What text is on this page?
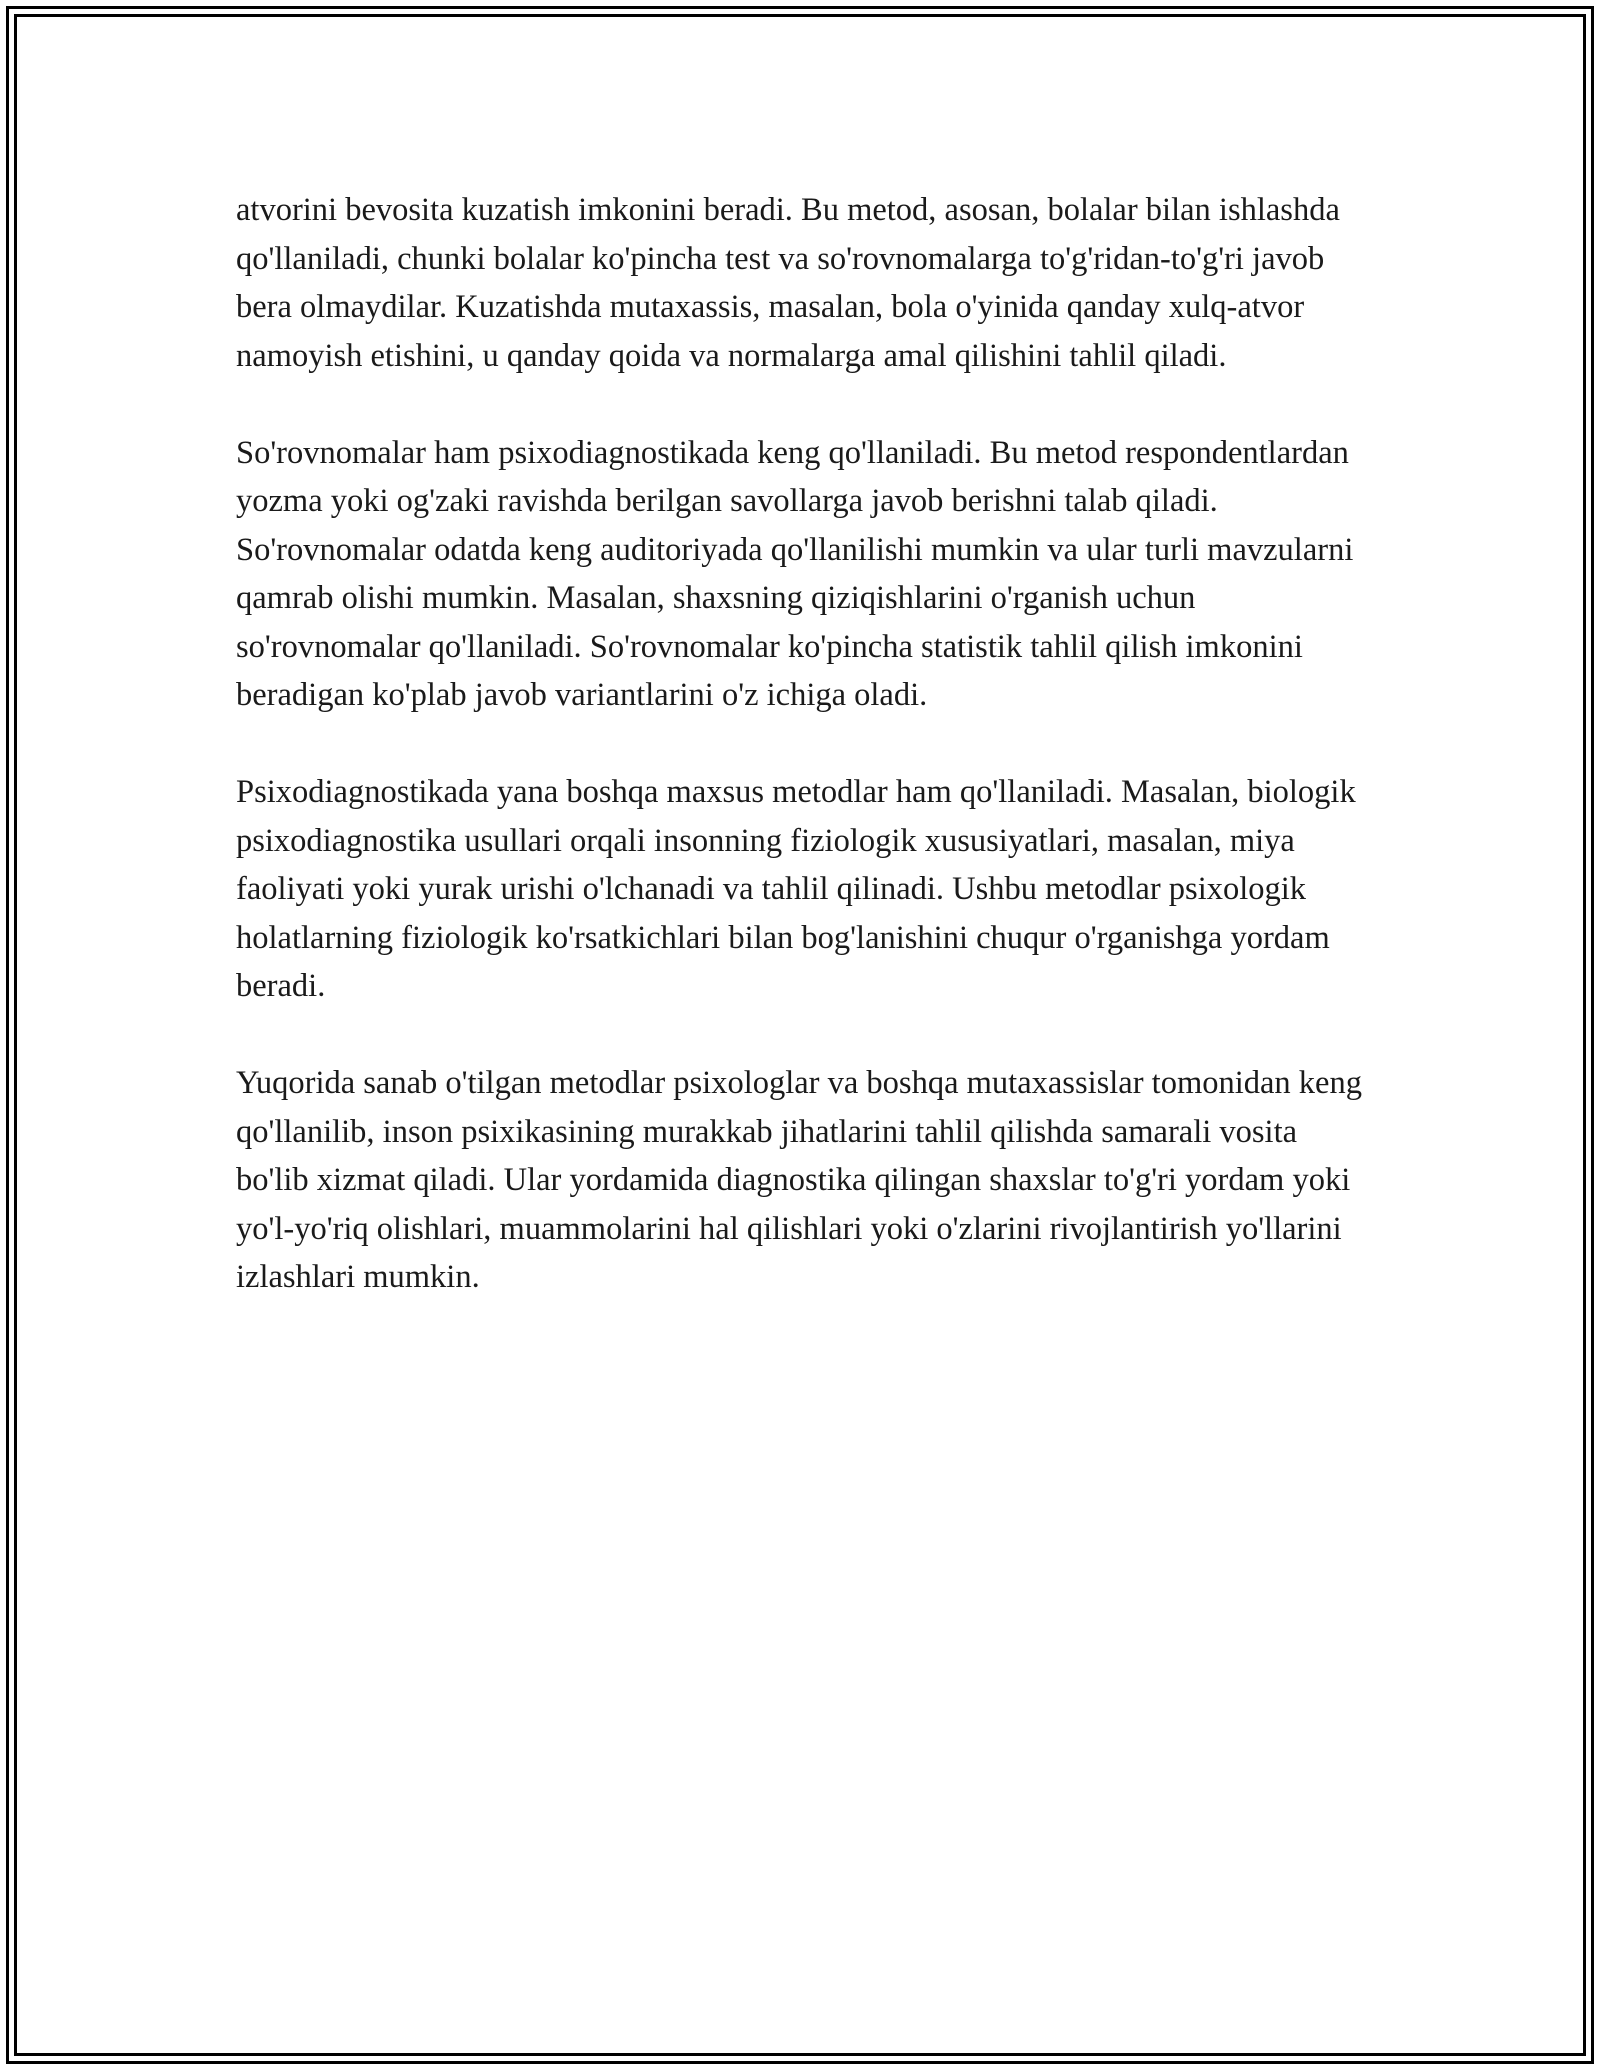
atvorini bevosita kuzatish imkonini beradi. Bu metod, asosan, bolalar bilan ishlashda qo'llaniladi, chunki bolalar ko'pincha test va so'rovnomalarga to'g'ridan-to'g'ri javob bera olmaydilar. Kuzatishda mutaxassis, masalan, bola o'yinida qanday xulq-atvor namoyish etishini, u qanday qoida va normalarga amal qilishini tahlil qiladi.

So'rovnomalar ham psixodiagnostikada keng qo'llaniladi. Bu metod respondentlardan yozma yoki og'zaki ravishda berilgan savollarga javob berishni talab qiladi. So'rovnomalar odatda keng auditoriyada qo'llanilishi mumkin va ular turli mavzularni qamrab olishi mumkin. Masalan, shaxsning qiziqishlarini o'rganish uchun so'rovnomalar qo'llaniladi. So'rovnomalar ko'pincha statistik tahlil qilish imkonini beradigan ko'plab javob variantlarini o'z ichiga oladi.

Psixodiagnostikada yana boshqa maxsus metodlar ham qo'llaniladi. Masalan, biologik psixodiagnostika usullari orqali insonning fiziologik xususiyatlari, masalan, miya faoliyati yoki yurak urishi o'lchanadi va tahlil qilinadi. Ushbu metodlar psixologik holatlarning fiziologik ko'rsatkichlari bilan bog'lanishini chuqur o'rganishga yordam beradi.

Yuqorida sanab o'tilgan metodlar psixologlar va boshqa mutaxassislar tomonidan keng qo'llanilib, inson psixikasining murakkab jihatlarini tahlil qilishda samarali vosita bo'lib xizmat qiladi. Ular yordamida diagnostika qilingan shaxslar to'g'ri yordam yoki yo'l-yo'riq olishlari, muammolarini hal qilishlari yoki o'zlarini rivojlantirish yo'llarini izlashlari mumkin.
